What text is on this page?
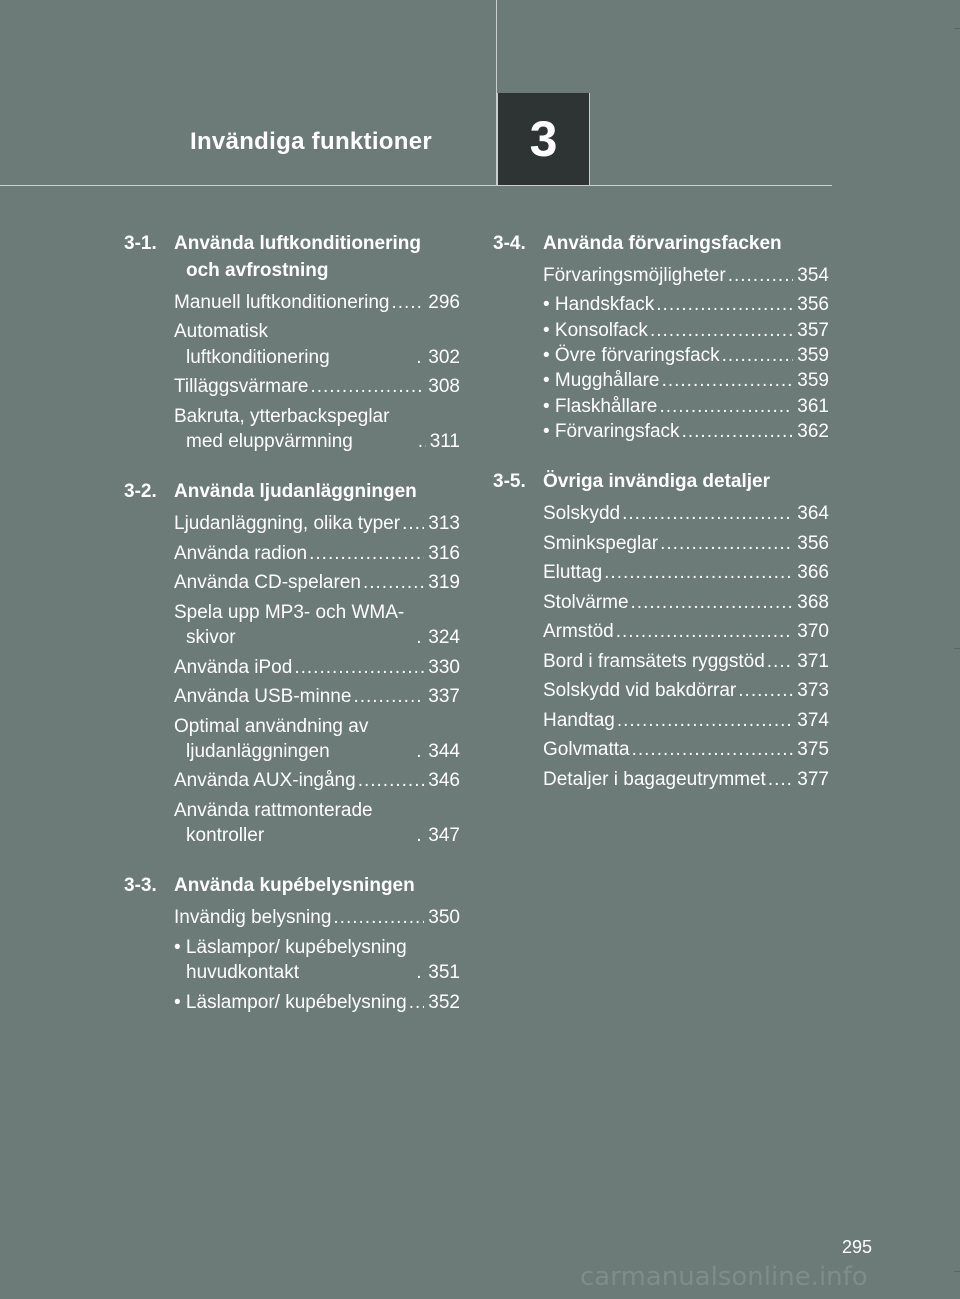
Invändiga funktioner 3
3-1. Använda luftkonditionering och avfrostning
Manuell luftkonditionering ..... 296
Automatisk luftkonditionering .....	302
Tilläggsvärmare .....	308
Bakruta, ytterbackspeglar med eluppvärmning .....	311
3-2. Använda ljudanläggningen
Ljudanläggning, olika typer ..... 313
Använda radion .....	316
Använda CD-spelaren .....	319
Spela upp MP3- och WMA-skivor .....	324
Använda iPod .....	330
Använda USB-minne .....	337
Optimal användning av ljudanläggningen .....	344
Använda AUX-ingång .....	346
Använda rattmonterade kontroller .....	347
3-3. Använda kupébelysningen
Invändig belysning .....	350
• Läslampor/ kupébelysning huvudkontakt .....	351
• Läslampor/ kupébelysning ..... 352
3-4. Använda förvaringsfacken
Förvaringsmöjligheter .....	354
• Handskfack .....	356
• Konsolfack .....	357
• Övre förvaringsfack .....	359
• Mugghållare .....	359
• Flaskhållare .....	361
• Förvaringsfack .....	362
3-5. Övriga invändiga detaljer
Solskydd .....	364
Sminkspeglar .....	356
Eluttag .....	366
Stolvärme .....	368
Armstöd .....	370
Bord i framsätets ryggstöd ..... 371
Solskydd vid bakdörrar .....	373
Handtag .....	374
Golvmatta .....	375
Detaljer i bagageutrymmet ..... 377
295
carmanualsonline.info
